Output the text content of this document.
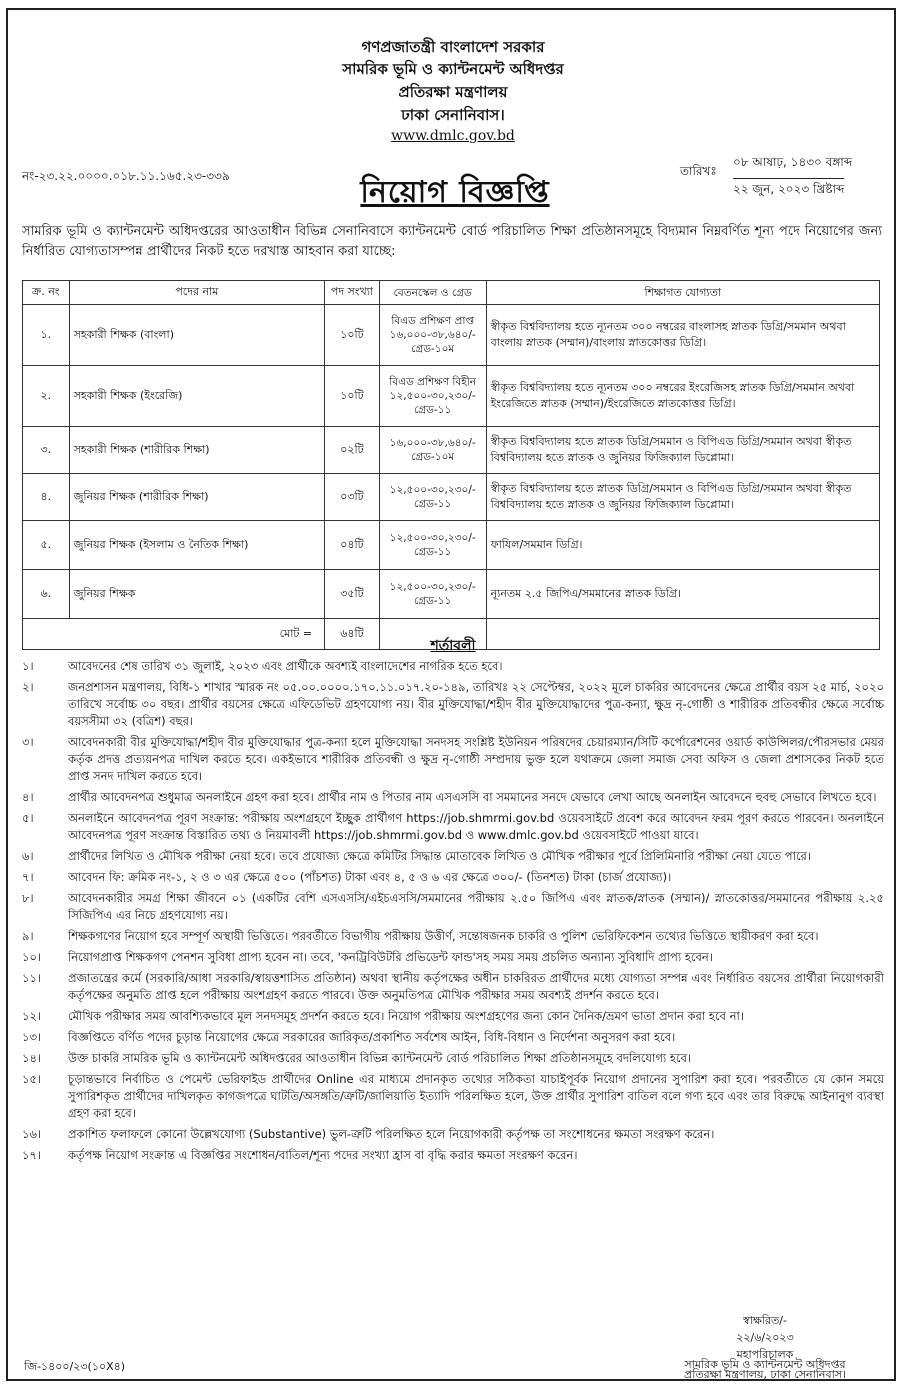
গণপ্রজাতন্ত্রী বাংলাদেশ সরকার
সামরিক ভূমি ও ক্যান্টনমেন্ট অধিদপ্তর
প্রতিরক্ষা মন্ত্রণালয়
ঢাকা সেনানিবাস।
www.dmlc.gov.bd
নং-২৩.২২.০০০০.০১৮.১১.১৬৫.২৩-৩৩৯	তারিখঃ
০৮ আষাঢ়, ১৪৩০ বঙ্গাব্দ
২২ জুন, ২০২৩ খ্রিষ্টাব্দ
নিয়োগ বিজ্ঞপ্তি
সামরিক ভূমি ও ক্যান্টনমেন্ট অধিদপ্তরের আওতাধীন বিভিন্ন সেনানিবাসে ক্যান্টনমেন্ট বোর্ড পরিচালিত শিক্ষা প্রতিষ্ঠানসমূহে বিদ্যমান নিম্নবর্ণিত শূন্য পদে নিয়োগের জন্য নির্ধারিত যোগ্যতাসম্পন্ন প্রার্থীদের নিকট হতে দরখাস্ত আহবান করা যাচ্ছে:
ক্র. নং	পদের নাম	পদ সংখ্যা	বেতনস্কেল ও গ্রেড	শিক্ষাগত যোগ্যতা
১.	সহকারী শিক্ষক (বাংলা)	১০টি	বিএড প্রশিক্ষণ প্রাপ্ত ১৬,০০০-৩৮,৬৪০/- গ্রেড-১০ম	স্বীকৃত বিশ্ববিদ্যালয় হতে ন্যূনতম ৩০০ নম্বরের বাংলাসহ স্নাতক ডিগ্রি/সমমান অথবা বাংলায় স্নাতক (সম্মান)/বাংলায় স্নাতকোত্তর ডিগ্রি।
২.	সহকারী শিক্ষক (ইংরেজি)	১০টি	বিএড প্রশিক্ষণ বিহীন ১২,৫০০-৩০,২৩০/- গ্রেড-১১	স্বীকৃত বিশ্ববিদ্যালয় হতে ন্যূনতম ৩০০ নম্বরের ইংরেজিসহ স্নাতক ডিগ্রি/সমমান অথবা ইংরেজিতে স্নাতক (সম্মান)/ইংরেজিতে স্নাতকোত্তর ডিগ্রি।
৩.	সহকারী শিক্ষক (শারীরিক শিক্ষা)	০২টি	১৬,০০০-৩৮,৬৪০/- গ্রেড-১০ম	স্বীকৃত বিশ্ববিদ্যালয় হতে স্নাতক ডিগ্রি/সমমান ও বিপিএড ডিগ্রি/সমমান অথবা স্বীকৃত বিশ্ববিদ্যালয় হতে স্নাতক ও জুনিয়র ফিজিক্যাল ডিপ্লোমা।
৪.	জুনিয়র শিক্ষক (শারীরিক শিক্ষা)	০৩টি	১২,৫০০-৩০,২৩০/- গ্রেড-১১	স্বীকৃত বিশ্ববিদ্যালয় হতে স্নাতক ডিগ্রি/সমমান ও বিপিএড ডিগ্রি/সমমান অথবা স্বীকৃত বিশ্ববিদ্যালয় হতে স্নাতক ও জুনিয়র ফিজিক্যাল ডিপ্লোমা।
৫.	জুনিয়র শিক্ষক (ইসলাম ও নৈতিক শিক্ষা)	০৪টি	১২,৫০০-৩০,২৩০/- গ্রেড-১১	ফাযিল/সমমান ডিগ্রি।
৬.	জুনিয়র শিক্ষক	৩৫টি	১২,৫০০-৩০,২৩০/- গ্রেড-১১	ন্যূনতম ২.৫ জিপিএ/সমমানের স্নাতক ডিগ্রি।
মোট =		৬৪টি		
শর্তাবলী
১।	আবেদনের শেষ তারিখ ৩১ জুলাই, ২০২৩ এবং প্রার্থীকে অবশ্যই বাংলাদেশের নাগরিক হতে হবে।
২।	জনপ্রশাসন মন্ত্রণালয়, বিধি-১ শাখার স্মারক নং ০৫.০০.০০০০.১৭০.১১.০১৭.২০-১৪৯, তারিখঃ ২২ সেপ্টেম্বর, ২০২২ মূলে চাকরির আবেদনের ক্ষেত্রে প্রার্থীর বয়স ২৫ মার্চ, ২০২০ তারিখে সর্বোচ্চ ৩০ বছর। প্রার্থীর বয়সের ক্ষেত্রে এফিডেভিট গ্রহণযোগ্য নয়। বীর মুক্তিযোদ্ধা/শহীদ বীর মুক্তিযোদ্ধাদের পুত্র-কন্যা, ক্ষুদ্র নৃ-গোষ্ঠী ও শারীরিক প্রতিবন্ধীর ক্ষেত্রে সর্বোচ্চ বয়সসীমা ৩২ (বত্রিশ) বছর।
৩।	আবেদনকারী বীর মুক্তিযোদ্ধা/শহীদ বীর মুক্তিযোদ্ধার পুত্র-কন্যা হলে মুক্তিযোদ্ধা সনদসহ সংশ্লিষ্ট ইউনিয়ন পরিষদের চেয়ারম্যান/সিটি কর্পোরেশনের ওয়ার্ড কাউন্সিলর/পৌরসভার মেয়র কর্তৃক প্রদত্ত প্রত্যয়নপত্র দাখিল করতে হবে। একইভাবে শারীরিক প্রতিবন্ধী ও ক্ষুদ্র নৃ-গোষ্ঠী সম্প্রদায় ভুক্ত হলে যথাক্রমে জেলা সমাজ সেবা অফিস ও জেলা প্রশাসকের নিকট হতে প্রাপ্ত সনদ দাখিল করতে হবে।
৪।	প্রার্থীর আবেদনপত্র শুধুমাত্র অনলাইনে গ্রহণ করা হবে। প্রার্থীর নাম ও পিতার নাম এসএসসি বা সমমানের সনদে যেভাবে লেখা আছে অনলাইন আবেদনে হুবহু সেভাবে লিখতে হবে।
৫।	অনলাইনে আবেদনপত্র পূরণ সংক্রান্ত: পরীক্ষায় অংশগ্রহণে ইচ্ছুক প্রার্থীগণ https://job.shmrmi.gov.bd ওয়েবসাইটে প্রবেশ করে আবেদন ফরম পূরণ করতে পারবেন। অনলাইনে আবেদনপত্র পূরণ সংক্রান্ত বিস্তারিত তথ্য ও নিয়মাবলী https://job.shmrmi.gov.bd ও www.dmlc.gov.bd ওয়েবসাইটে পাওয়া যাবে।
৬।	প্রার্থীদের লিখিত ও মৌখিক পরীক্ষা নেয়া হবে। তবে প্রযোজ্য ক্ষেত্রে কমিটির সিদ্ধান্ত মোতাবেক লিখিত ও মৌখিক পরীক্ষার পূর্বে প্রিলিমিনারি পরীক্ষা নেয়া যেতে পারে।
৭।	আবেদন ফি: ক্রমিক নং-১, ২ ও ৩ এর ক্ষেত্রে ৫০০ (পাঁচশত) টাকা এবং ৪, ৫ ও ৬ এর ক্ষেত্রে ৩০০/- (তিনশত) টাকা (চার্জ প্রযোজ্য)।
৮।	আবেদনকারীর সমগ্র শিক্ষা জীবনে ০১ (একটির বেশি এসএসসি/এইচএসসি/সমমানের পরীক্ষায় ২.৫০ জিপিএ এবং স্নাতক/স্নাতক (সম্মান)/ স্নাতকোত্তর/সমমানের পরীক্ষায় ২.২৫ সিজিপিএ এর নিচে গ্রহণযোগ্য নয়।
৯।	শিক্ষকগণের নিয়োগ হবে সম্পূর্ণ অস্থায়ী ভিত্তিতে। পরবর্তীতে বিভাগীয় পরীক্ষায় উত্তীর্ণ, সন্তোষজনক চাকরি ও পুলিশ ভেরিফিকেশন তথ্যের ভিত্তিতে স্থায়ীকরণ করা হবে।
১০।	নিয়োগপ্রাপ্ত শিক্ষকগণ পেনশন সুবিধা প্রাপ্য হবেন না। তবে, 'কনট্রিবিউটরি প্রভিডেন্ট ফান্ড'সহ সময় সময় প্রচলিত অন্যান্য সুবিধাদি প্রাপ্য হবেন।
১১।	প্রজাতন্ত্রের কর্মে (সরকারি/আধা সরকারি/স্বায়ত্তশাসিত প্রতিষ্ঠান) অথবা স্থানীয় কর্তৃপক্ষের অধীন চাকরিরত প্রার্থীদের মধ্যে যোগ্যতা সম্পন্ন এবং নির্ধারিত বয়সের প্রার্থীরা নিয়োগকারী কর্তৃপক্ষের অনুমতি প্রাপ্ত হলে পরীক্ষায় অংশগ্রহণ করতে পারবে। উক্ত অনুমতিপত্র মৌখিক পরীক্ষার সময় অবশ্যই প্রদর্শন করতে হবে।
১২।	মৌখিক পরীক্ষার সময় আবশ্যিকভাবে মূল সনদসমূহ প্রদর্শন করতে হবে। নিয়োগ পরীক্ষায় অংশগ্রহণের জন্য কোন দৈনিক/ভ্রমণ ভাতা প্রদান করা হবে না।
১৩।	বিজ্ঞপ্তিতে বর্ণিত পদের চূড়ান্ত নিয়োগের ক্ষেত্রে সরকারের জারিকৃত/প্রকাশিত সর্বশেষ আইন, বিধি-বিধান ও নির্দেশনা অনুসরণ করা হবে।
১৪।	উক্ত চাকরি সামরিক ভূমি ও ক্যান্টনমেন্ট অধিদপ্তরের আওতাধীন বিভিন্ন ক্যান্টনমেন্ট বোর্ড পরিচালিত শিক্ষা প্রতিষ্ঠানসমূহে বদলিযোগ্য হবে।
১৫।	চূড়ান্তভাবে নির্বাচিত ও পেমেন্ট ভেরিফাইড প্রার্থীদের Online এর মাধ্যমে প্রদানকৃত তথ্যের সঠিকতা যাচাইপূর্বক নিয়োগ প্রদানের সুপারিশ করা হবে। পরবর্তীতে যে কোন সময়ে সুপারিশকৃত প্রার্থীদের দাখিলকৃত কাগজপত্রে ঘাটতি/অসঙ্গতি/ত্রুটি/জালিয়াতি ইত্যাদি পরিলক্ষিত হলে, উক্ত প্রার্থীর সুপারিশ বাতিল বলে গণ্য হবে এবং তার বিরুদ্ধে আইনানুগ ব্যবস্থা গ্রহণ করা হবে।
১৬।	প্রকাশিত ফলাফলে কোনো উল্লেখযোগ্য (Substantive) ভুল-ত্রুটি পরিলক্ষিত হলে নিয়োগকারী কর্তৃপক্ষ তা সংশোধনের ক্ষমতা সংরক্ষণ করেন।
১৭।	কর্তৃপক্ষ নিয়োগ সংক্রান্ত এ বিজ্ঞপ্তির সংশোধন/বাতিল/শূন্য পদের সংখ্যা হ্রাস বা বৃদ্ধি করার ক্ষমতা সংরক্ষণ করেন।
স্বাক্ষরিত/-
২২/৬/২০২৩
মহাপরিচালক
সামরিক ভূমি ও ক্যান্টনমেন্ট অধিদপ্তর
প্রতিরক্ষা মন্ত্রণালয়, ঢাকা সেনানিবাস।
জি-১৪০০/২৩(১০X৪)
